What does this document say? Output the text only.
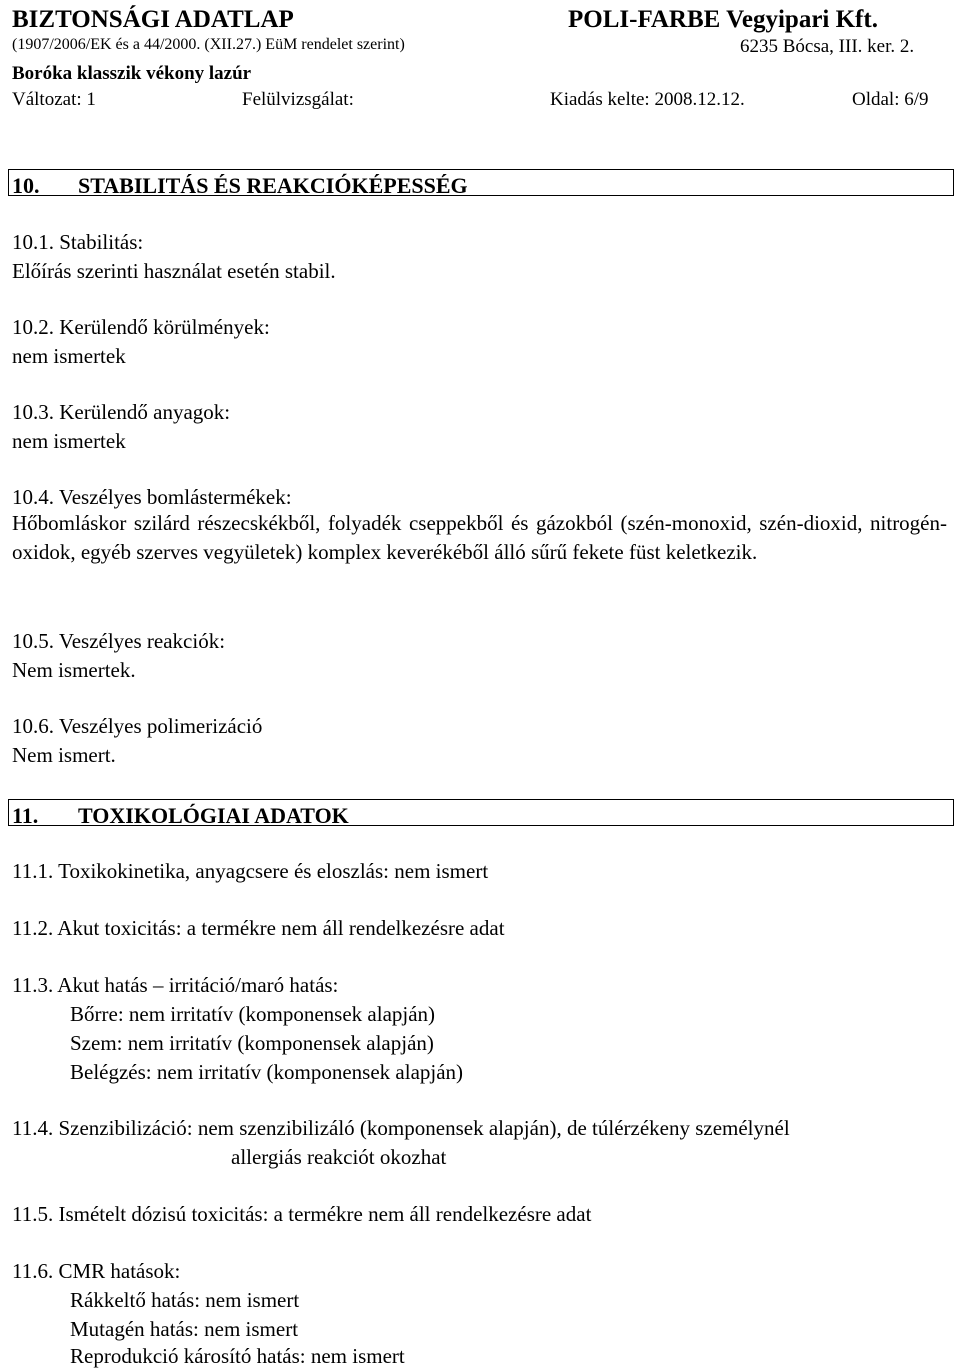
BIZTONSÁGI ADATLAP	POLI-FARBE Vegyipari Kft.
(1907/2006/EK és a 44/2000. (XII.27.) EüM rendelet szerint)	6235 Bócsa, III. ker. 2.
Boróka klasszik vékony lazúr
Változat: 1	Felülvizsgálat:	Kiadás kelte: 2008.12.12.	Oldal: 6/9
10. STABILITÁS ÉS REAKCIÓKÉPESSÉG
10.1. Stabilitás:
Előírás szerinti használat esetén stabil.
10.2. Kerülendő körülmények:
nem ismertek
10.3. Kerülendő anyagok:
nem ismertek
10.4. Veszélyes bomlástermékek:
Hőbomláskor szilárd részecskékből, folyadék cseppekből és gázokból (szén-monoxid, szén-dioxid, nitrogén-oxidok, egyéb szerves vegyületek) komplex keverékéből álló sűrű fekete füst keletkezik.
10.5. Veszélyes reakciók:
Nem ismertek.
10.6. Veszélyes polimerizáció
Nem ismert.
11. TOXIKOLÓGIAI ADATOK
11.1. Toxikokinetika, anyagcsere és eloszlás: nem ismert
11.2. Akut toxicitás: a termékre nem áll rendelkezésre adat
11.3. Akut hatás – irritáció/maró hatás:
Bőrre: nem irritatív (komponensek alapján)
Szem: nem irritatív (komponensek alapján)
Belégzés: nem irritatív (komponensek alapján)
11.4. Szenzibilizáció: nem szenzibilizáló (komponensek alapján), de túlérzékeny személynél
allergiás reakciót okozhat
11.5. Ismételt dózisú toxicitás: a termékre nem áll rendelkezésre adat
11.6. CMR hatások:
Rákkeltő hatás: nem ismert
Mutagén hatás: nem ismert
Reprodukció károsító hatás: nem ismert
